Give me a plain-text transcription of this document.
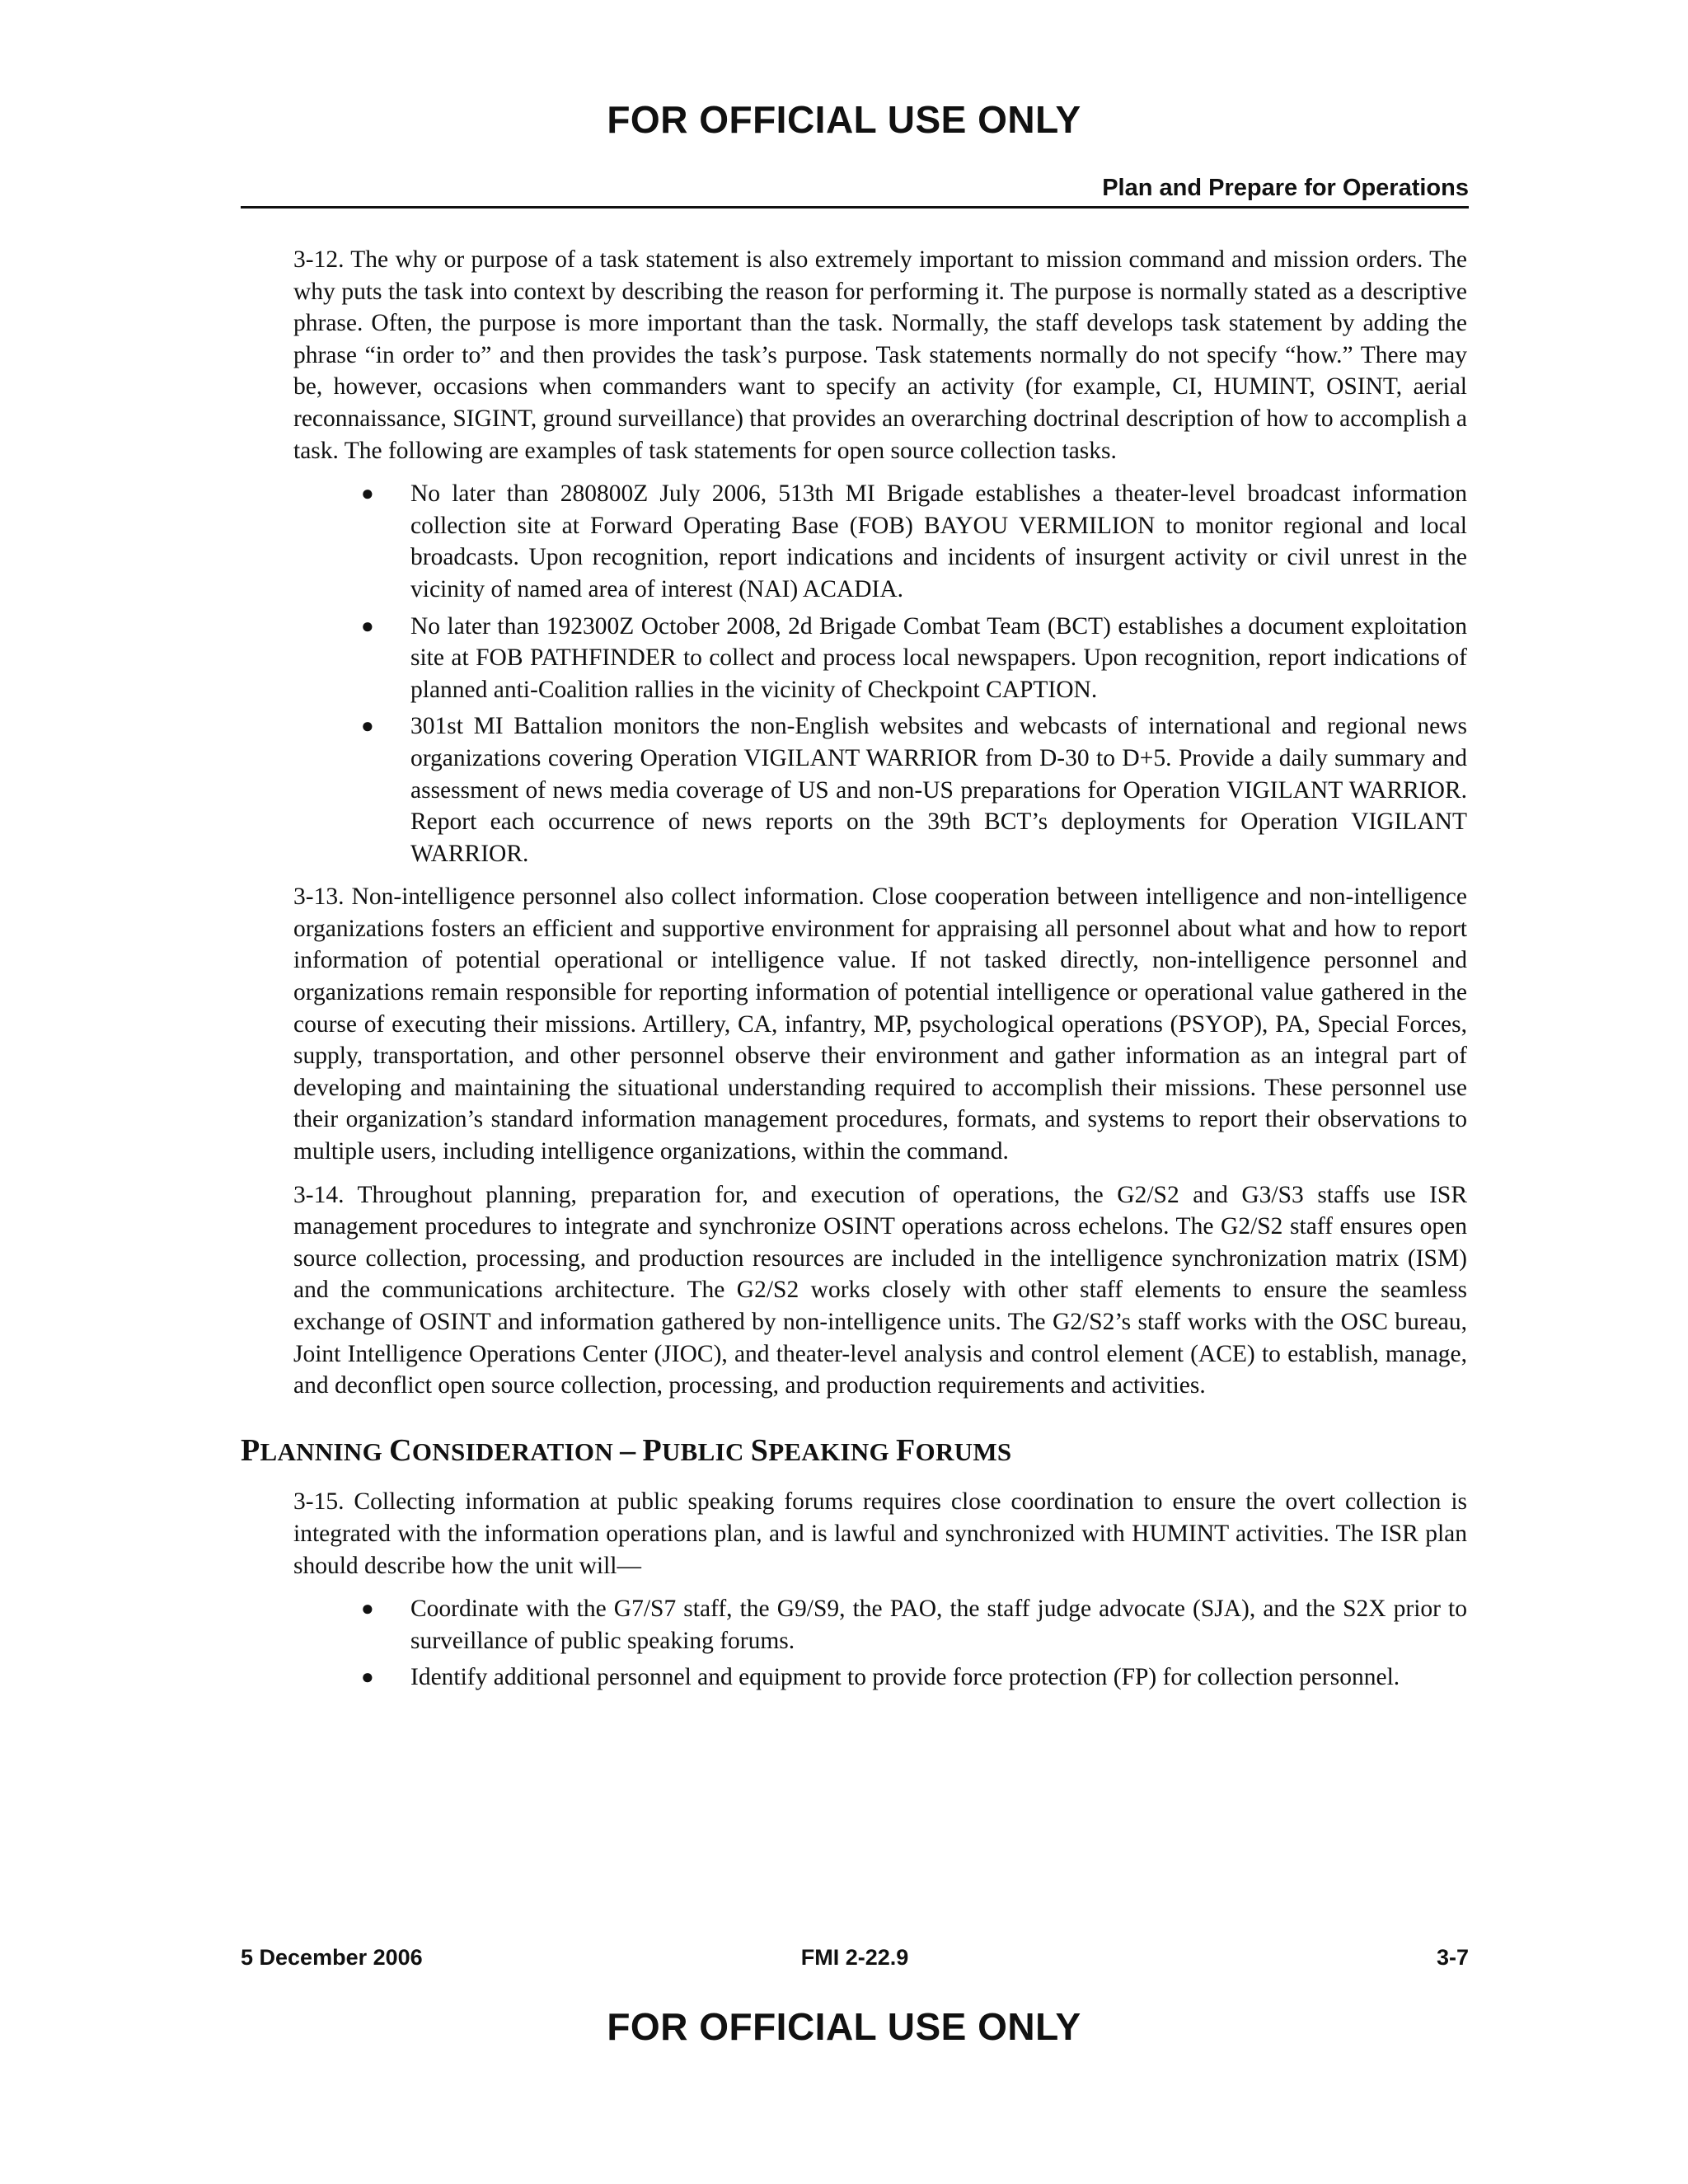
FOR OFFICIAL USE ONLY
Plan and Prepare for Operations

3-12. The why or purpose of a task statement is also extremely important to mission command and mission orders. The why puts the task into context by describing the reason for performing it. The purpose is normally stated as a descriptive phrase. Often, the purpose is more important than the task. Normally, the staff develops task statement by adding the phrase “in order to” and then provides the task’s purpose. Task statements normally do not specify “how.” There may be, however, occasions when commanders want to specify an activity (for example, CI, HUMINT, OSINT, aerial reconnaissance, SIGINT, ground surveillance) that provides an overarching doctrinal description of how to accomplish a task. The following are examples of task statements for open source collection tasks.

● No later than 280800Z July 2006, 513th MI Brigade establishes a theater-level broadcast information collection site at Forward Operating Base (FOB) BAYOU VERMILION to monitor regional and local broadcasts. Upon recognition, report indications and incidents of insurgent activity or civil unrest in the vicinity of named area of interest (NAI) ACADIA.
● No later than 192300Z October 2008, 2d Brigade Combat Team (BCT) establishes a document exploitation site at FOB PATHFINDER to collect and process local newspapers. Upon recognition, report indications of planned anti-Coalition rallies in the vicinity of Checkpoint CAPTION.
● 301st MI Battalion monitors the non-English websites and webcasts of international and regional news organizations covering Operation VIGILANT WARRIOR from D-30 to D+5. Provide a daily summary and assessment of news media coverage of US and non-US preparations for Operation VIGILANT WARRIOR. Report each occurrence of news reports on the 39th BCT’s deployments for Operation VIGILANT WARRIOR.

3-13. Non-intelligence personnel also collect information. Close cooperation between intelligence and non-intelligence organizations fosters an efficient and supportive environment for appraising all personnel about what and how to report information of potential operational or intelligence value. If not tasked directly, non-intelligence personnel and organizations remain responsible for reporting information of potential intelligence or operational value gathered in the course of executing their missions. Artillery, CA, infantry, MP, psychological operations (PSYOP), PA, Special Forces, supply, transportation, and other personnel observe their environment and gather information as an integral part of developing and maintaining the situational understanding required to accomplish their missions. These personnel use their organization’s standard information management procedures, formats, and systems to report their observations to multiple users, including intelligence organizations, within the command.

3-14. Throughout planning, preparation for, and execution of operations, the G2/S2 and G3/S3 staffs use ISR management procedures to integrate and synchronize OSINT operations across echelons. The G2/S2 staff ensures open source collection, processing, and production resources are included in the intelligence synchronization matrix (ISM) and the communications architecture. The G2/S2 works closely with other staff elements to ensure the seamless exchange of OSINT and information gathered by non-intelligence units. The G2/S2’s staff works with the OSC bureau, Joint Intelligence Operations Center (JIOC), and theater-level analysis and control element (ACE) to establish, manage, and deconflict open source collection, processing, and production requirements and activities.

PLANNING CONSIDERATION – PUBLIC SPEAKING FORUMS

3-15. Collecting information at public speaking forums requires close coordination to ensure the overt collection is integrated with the information operations plan, and is lawful and synchronized with HUMINT activities. The ISR plan should describe how the unit will—

● Coordinate with the G7/S7 staff, the G9/S9, the PAO, the staff judge advocate (SJA), and the S2X prior to surveillance of public speaking forums.
● Identify additional personnel and equipment to provide force protection (FP) for collection personnel.
5 December 2006	FMI 2-22.9	3-7
FOR OFFICIAL USE ONLY
